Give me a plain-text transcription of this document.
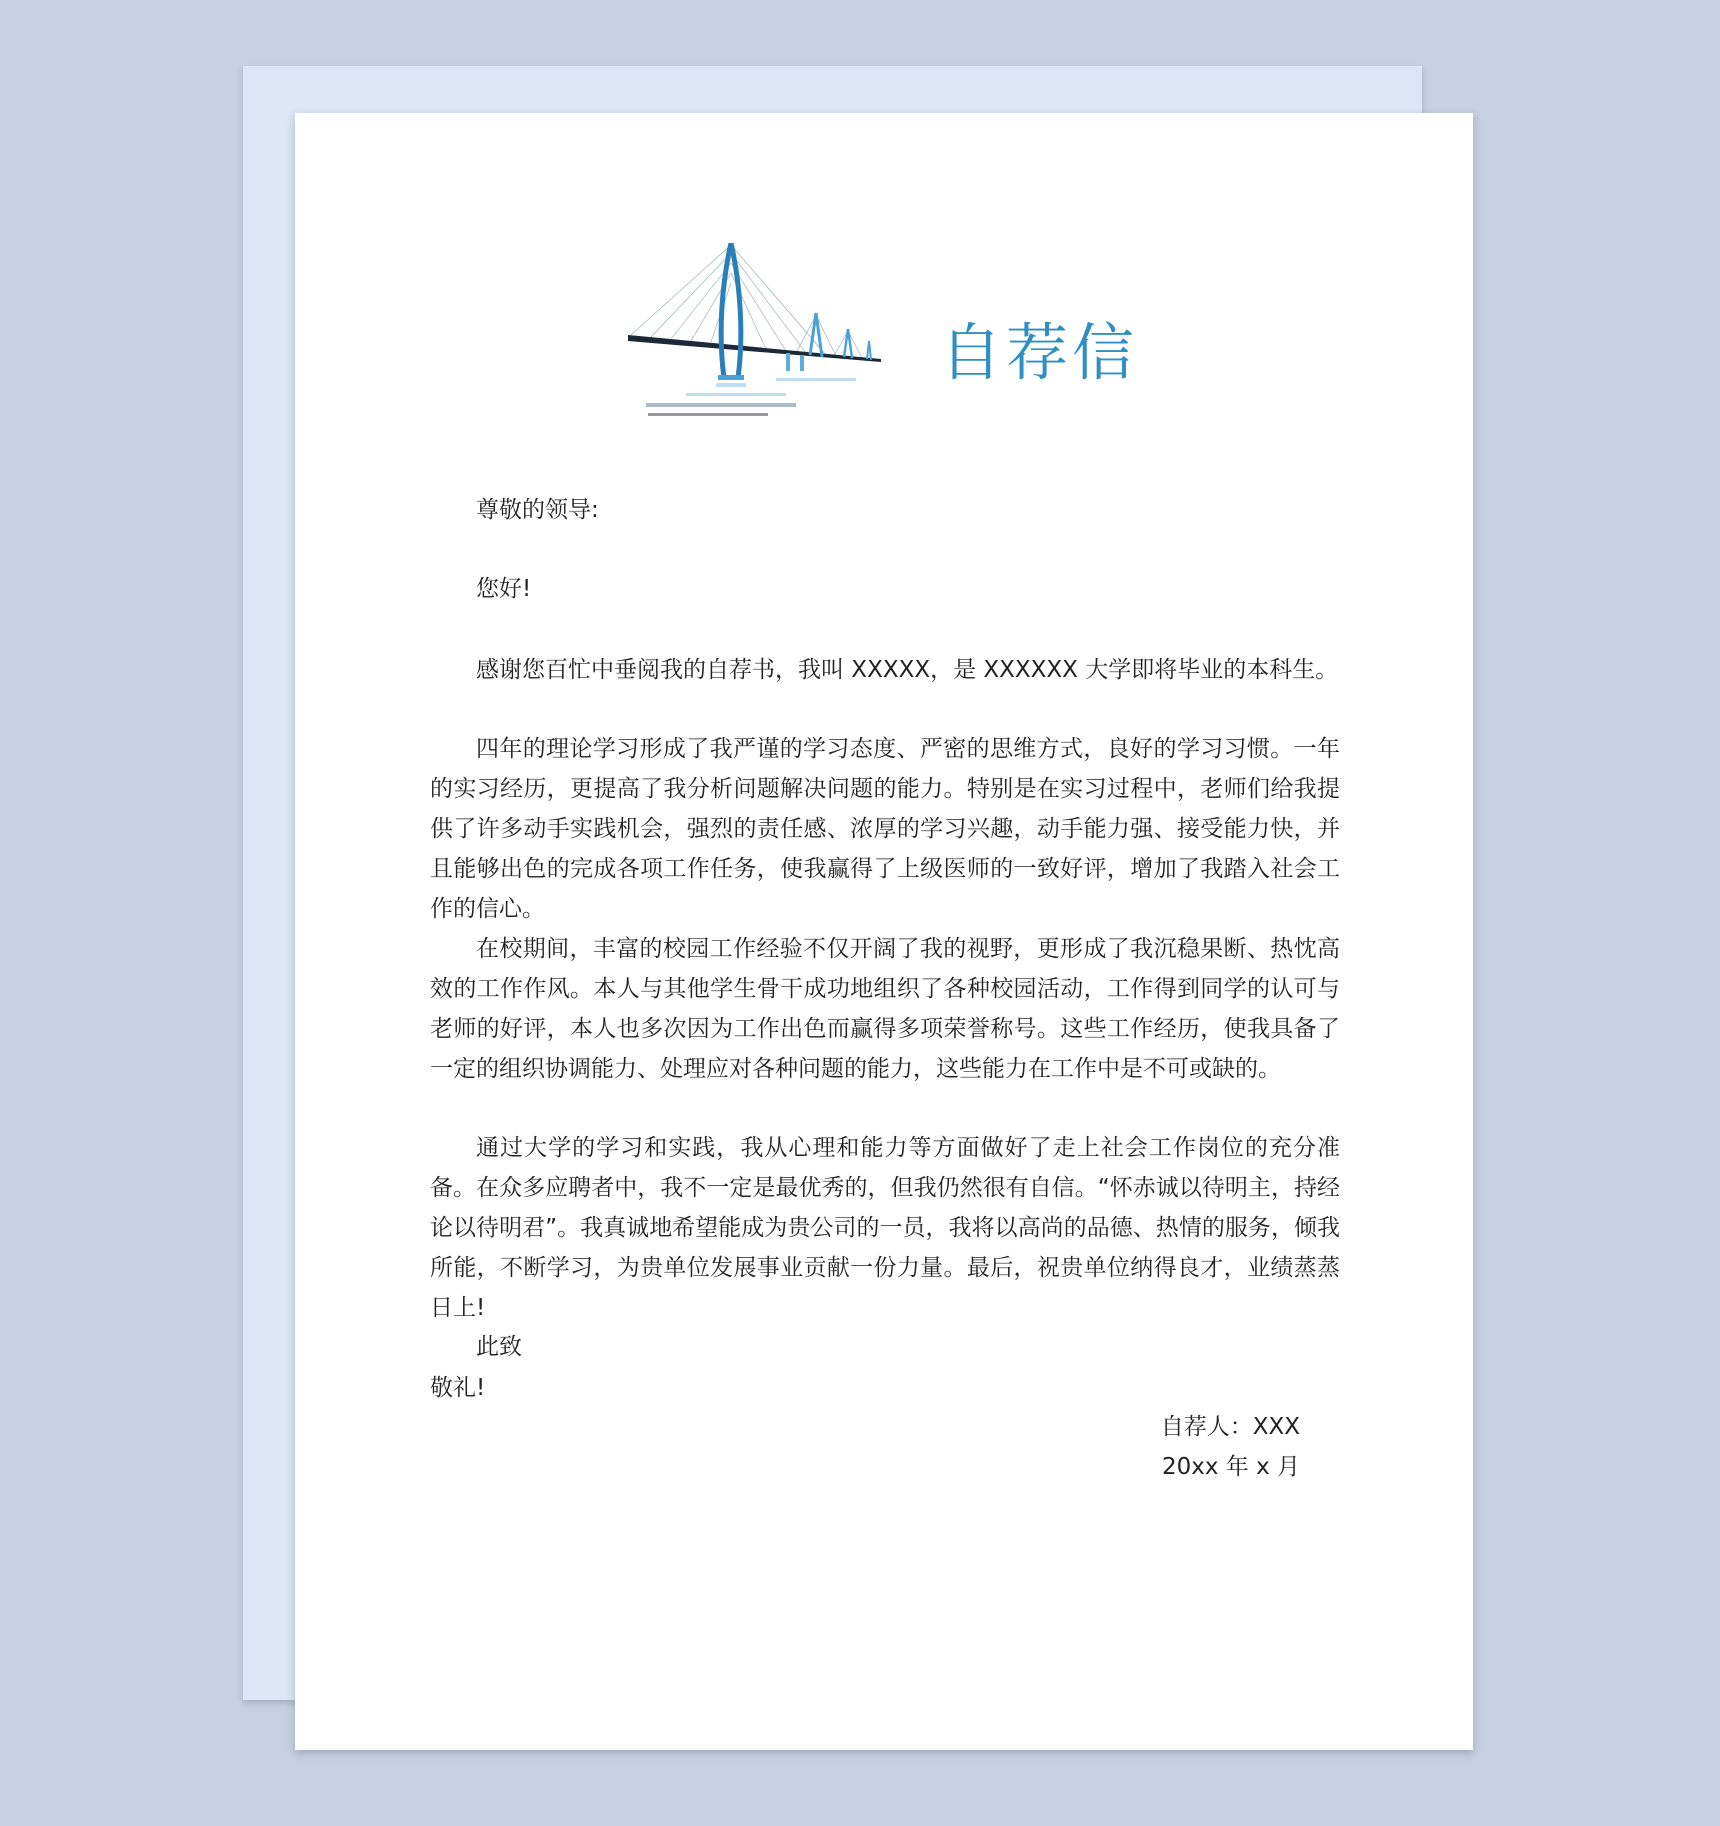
自荐信
尊敬的领导:
您好!
感谢您百忙中垂阅我的自荐书，我叫 XXXXX，是 XXXXXX 大学即将毕业的本科生。
四年的理论学习形成了我严谨的学习态度、严密的思维方式，良好的学习习惯。一年的实习经历，更提高了我分析问题解决问题的能力。特别是在实习过程中，老师们给我提供了许多动手实践机会，强烈的责任感、浓厚的学习兴趣，动手能力强、接受能力快，并且能够出色的完成各项工作任务，使我赢得了上级医师的一致好评，增加了我踏入社会工作的信心。
在校期间，丰富的校园工作经验不仅开阔了我的视野，更形成了我沉稳果断、热忱高效的工作作风。本人与其他学生骨干成功地组织了各种校园活动，工作得到同学的认可与老师的好评，本人也多次因为工作出色而赢得多项荣誉称号。这些工作经历，使我具备了一定的组织协调能力、处理应对各种问题的能力，这些能力在工作中是不可或缺的。
通过大学的学习和实践，我从心理和能力等方面做好了走上社会工作岗位的充分准备。在众多应聘者中，我不一定是最优秀的，但我仍然很有自信。“怀赤诚以待明主，持经论以待明君”。我真诚地希望能成为贵公司的一员，我将以高尚的品德、热情的服务，倾我所能，不断学习，为贵单位发展事业贡献一份力量。最后，祝贵单位纳得良才，业绩蒸蒸日上!
此致
敬礼!
自荐人：XXX
20xx 年 x 月
